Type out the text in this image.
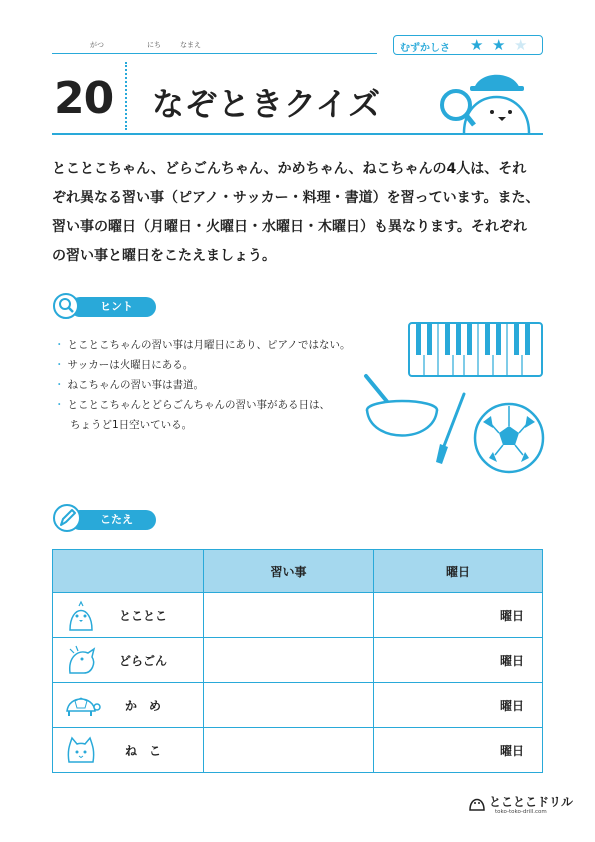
がつ	にち	なまえ	むずかしさ ★ ★ ★
20 なぞときクイズ
とことこちゃん、どらごんちゃん、かめちゃん、ねこちゃんの4人は、それ
ぞれ異なる習い事（ピアノ・サッカー・料理・書道）を習っています。また、
習い事の曜日（月曜日・火曜日・水曜日・木曜日）も異なります。それぞれ
の習い事と曜日をこたえましょう。
ヒント
・ とことこちゃんの習い事は月曜日にあり、ピアノではない。
・ サッカーは火曜日にある。
・ ねこちゃんの習い事は書道。
・ とことこちゃんとどらごんちゃんの習い事がある日は、
ちょうど1日空いている。
こたえ
	習い事	曜日

とことこ		曜日

どらごん		曜日

か　め		曜日

ね　こ		曜日
とことこドリル
toko-toko-drill.com
